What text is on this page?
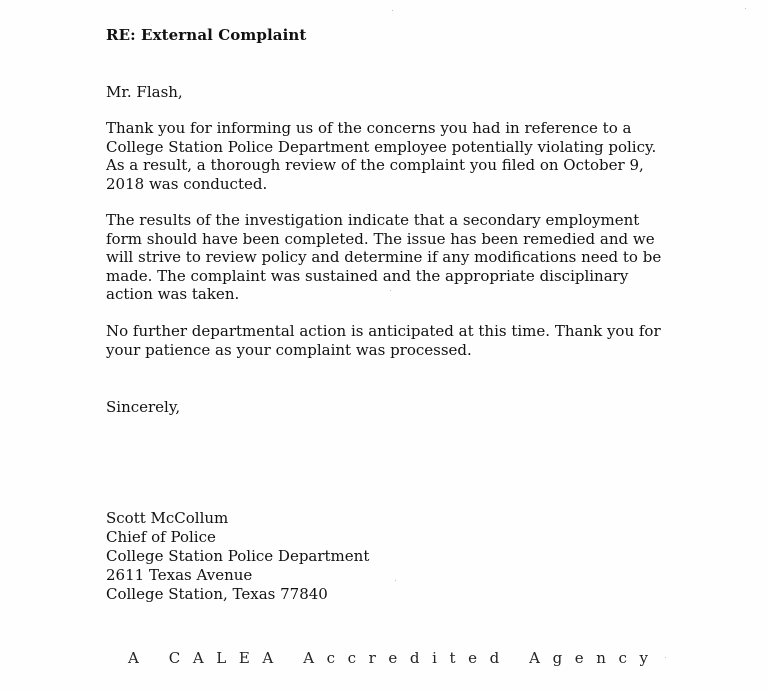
RE: External Complaint
Mr. Flash,

Thank you for informing us of the concerns you had in reference to a
College Station Police Department employee potentially violating policy.
As a result, a thorough review of the complaint you filed on October 9,
2018 was conducted.

The results of the investigation indicate that a secondary employment
form should have been completed. The issue has been remedied and we
will strive to review policy and determine if any modifications need to be
made. The complaint was sustained and the appropriate disciplinary
action was taken.

No further departmental action is anticipated at this time. Thank you for
your patience as your complaint was processed.

Sincerely,
Scott McCollum
Chief of Police
College Station Police Department
2611 Texas Avenue
College Station, Texas 77840
A CALEA Accredited Agency
